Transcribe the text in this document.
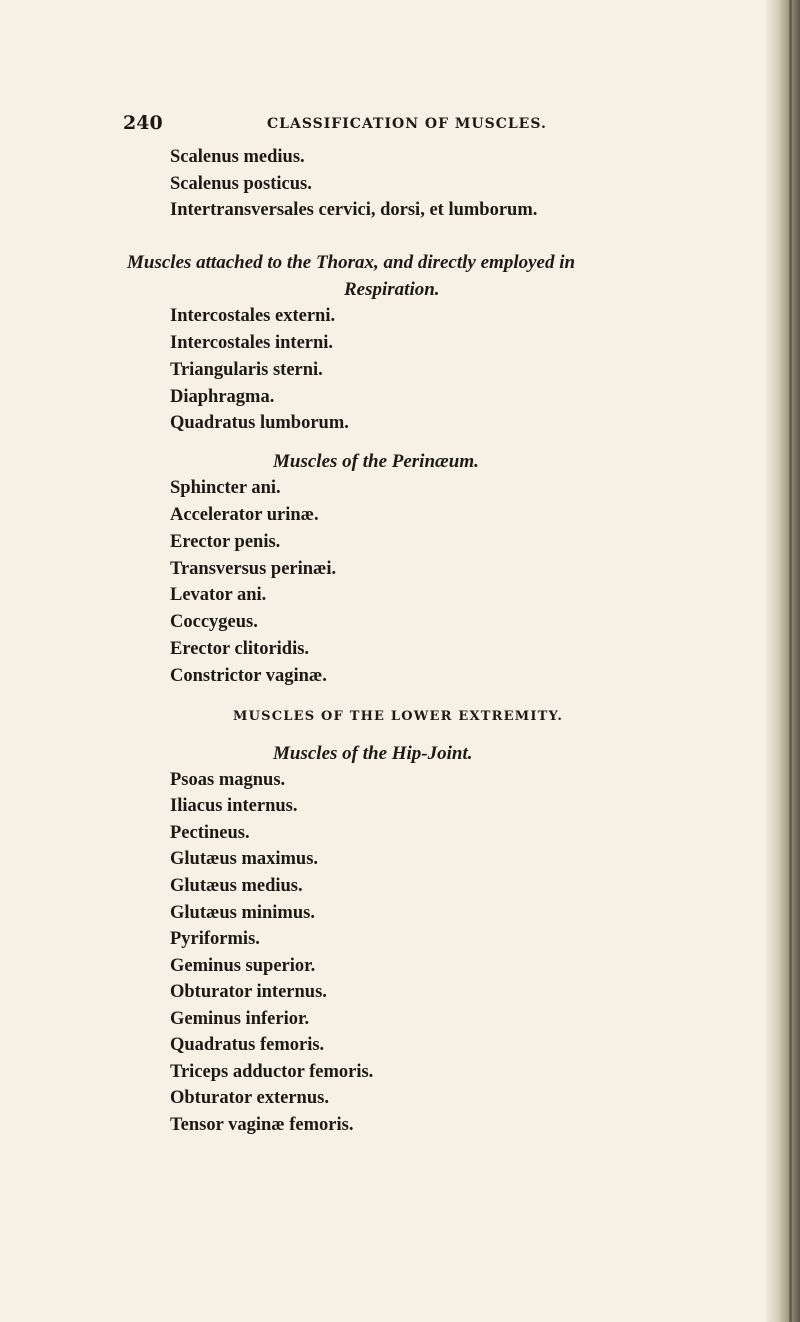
240	CLASSIFICATION OF MUSCLES.
Scalenus medius.
Scalenus posticus.
Intertransversales cervici, dorsi, et lumborum.
Muscles attached to the Thorax, and directly employed in
Respiration.
Intercostales externi.
Intercostales interni.
Triangularis sterni.
Diaphragma.
Quadratus lumborum.
Muscles of the Perinæum.
Sphincter ani.
Accelerator urinæ.
Erector penis.
Transversus perinæi.
Levator ani.
Coccygeus.
Erector clitoridis.
Constrictor vaginæ.
MUSCLES OF THE LOWER EXTREMITY.
Muscles of the Hip-Joint.
Psoas magnus.
Iliacus internus.
Pectineus.
Glutæus maximus.
Glutæus medius.
Glutæus minimus.
Pyriformis.
Geminus superior.
Obturator internus.
Geminus inferior.
Quadratus femoris.
Triceps adductor femoris.
Obturator externus.
Tensor vaginæ femoris.
